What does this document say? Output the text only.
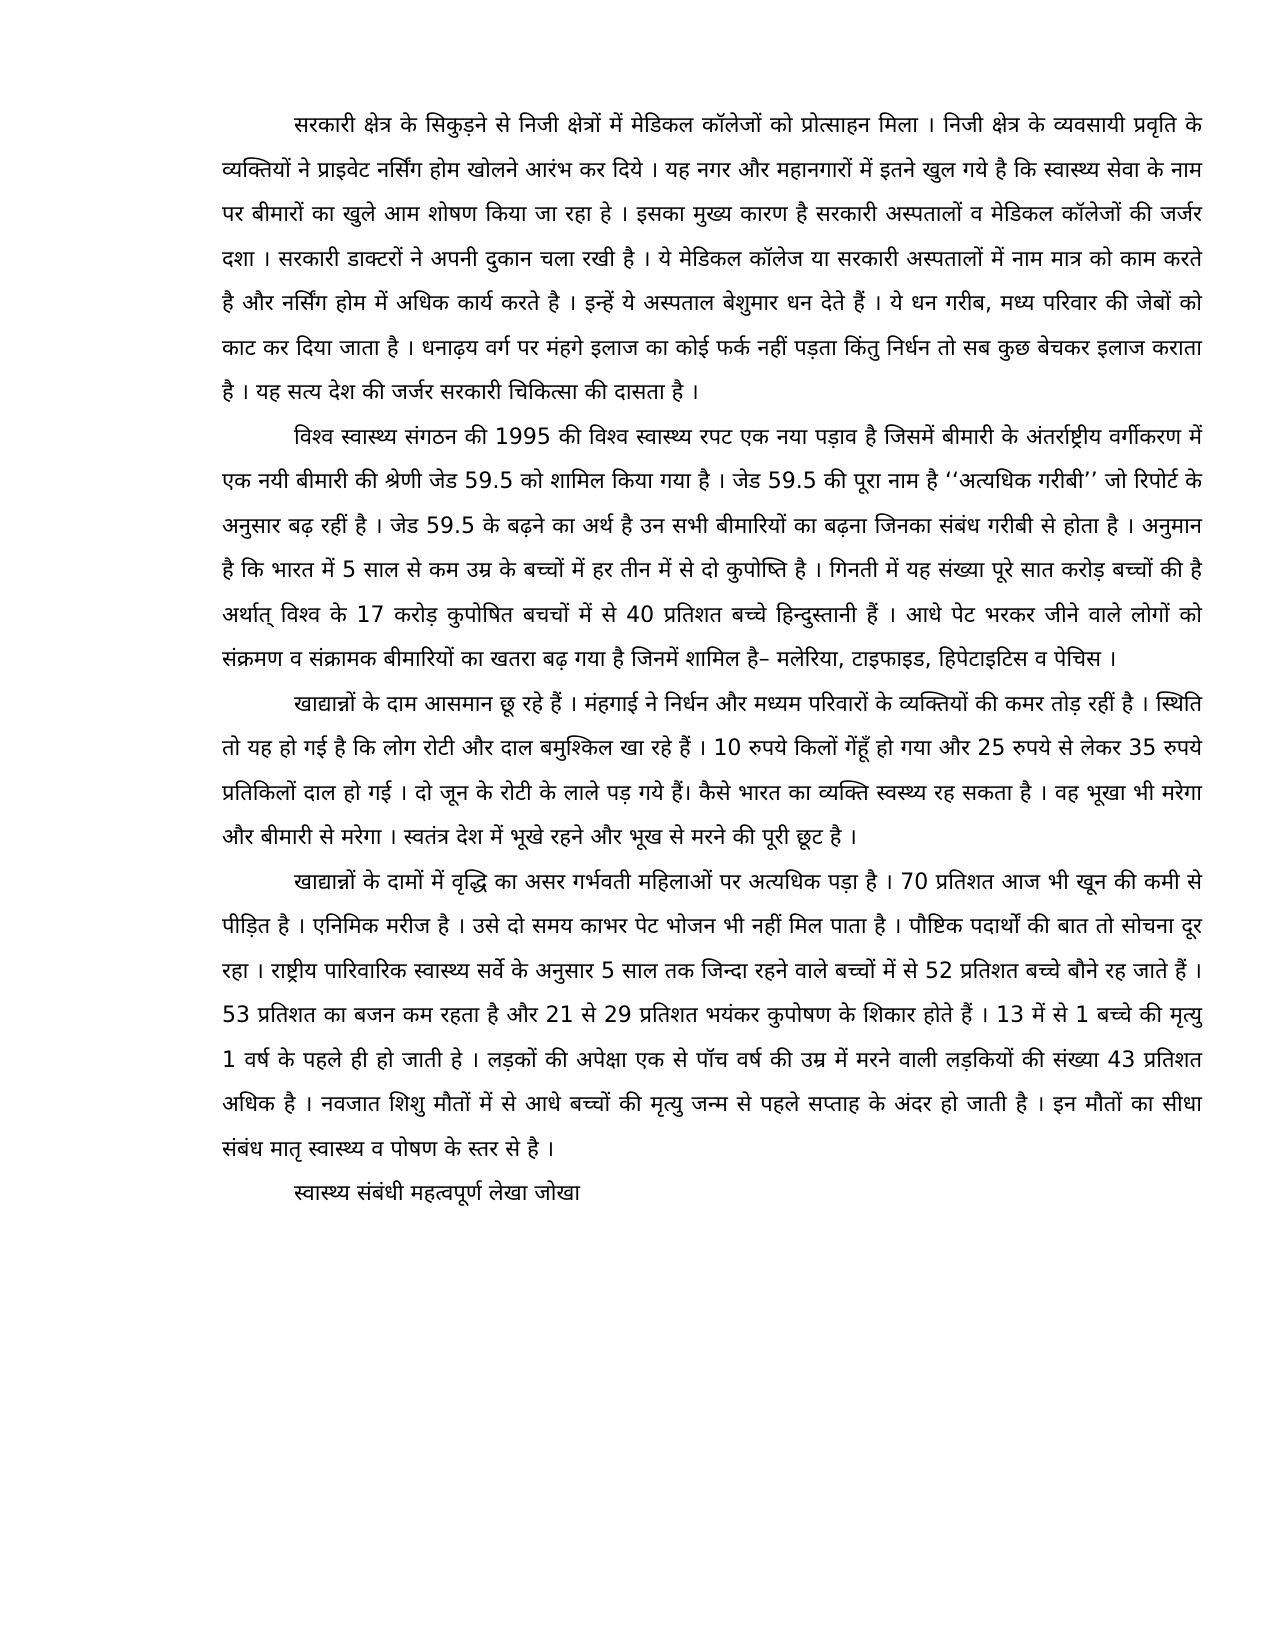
सरकारी क्षेत्र के सिकुड़ने से निजी क्षेत्रों में मेडिकल कॉलेजों को प्रोत्साहन मिला । निजी क्षेत्र के व्यवसायी प्रवृति के व्यक्तियों ने प्राइवेट नर्सिंग होम खोलने आरंभ कर दिये । यह नगर और महानगारों में इतने खुल गये है कि स्वास्थ्य सेवा के नाम पर बीमारों का खुले आम शोषण किया जा रहा हे । इसका मुख्य कारण है सरकारी अस्पतालों व मेडिकल कॉलेजों की जर्जर दशा । सरकारी डाक्टरों ने अपनी दुकान चला रखी है । ये मेडिकल कॉलेज या सरकारी अस्पतालों में नाम मात्र को काम करते है और नर्सिंग होम में अधिक कार्य करते है । इन्हें ये अस्पताल बेशुमार धन देते हैं । ये धन गरीब, मध्य परिवार की जेबों को काट कर दिया जाता है । धनाढ़य वर्ग पर मंहगे इलाज का कोई फर्क नहीं पड़ता किंतु निर्धन तो सब कुछ बेचकर इलाज कराता है । यह सत्य देश की जर्जर सरकारी चिकित्सा की दासता है ।

विश्व स्वास्थ्य संगठन की 1995 की विश्व स्वास्थ्य रपट एक नया पड़ाव है जिसमें बीमारी के अंतर्राष्ट्रीय वर्गीकरण में एक नयी बीमारी की श्रेणी जेड 59.5 को शामिल किया गया है । जेड 59.5 की पूरा नाम है ‘‘अत्यधिक गरीबी’’ जो रिपोर्ट के अनुसार बढ़ रहीं है । जेड 59.5 के बढ़ने का अर्थ है उन सभी बीमारियों का बढ़ना जिनका संबंध गरीबी से होता है । अनुमान है कि भारत में 5 साल से कम उम्र के बच्चों में हर तीन में से दो कुपोष्ति है । गिनती में यह संख्या पूरे सात करोड़ बच्चों की है अर्थात् विश्व के 17 करोड़ कुपोषित बचचों में से 40 प्रतिशत बच्चे हिन्दुस्तानी हैं । आधे पेट भरकर जीने वाले लोगों को संक्रमण व संक्रामक बीमारियों का खतरा बढ़ गया है जिनमें शामिल है– मलेरिया, टाइफाइड, हिपेटाइटिस व पेचिस ।

खाद्यान्नों के दाम आसमान छू रहे हैं । मंहगाई ने निर्धन और मध्यम परिवारों के व्यक्तियों की कमर तोड़ रहीं है । स्थिति तो यह हो गई है कि लोग रोटी और दाल बमुश्किल खा रहे हैं । 10 रुपये किलों गेंहूँ हो गया और 25 रुपये से लेकर 35 रुपये प्रतिकिलों दाल हो गई । दो जून के रोटी के लाले पड़ गये हैं। कैसे भारत का व्यक्ति स्वस्थ्य रह सकता है । वह भूखा भी मरेगा और बीमारी से मरेगा । स्वतंत्र देश में भूखे रहने और भूख से मरने की पूरी छूट है ।

खाद्यान्नों के दामों में वृद्धि का असर गर्भवती महिलाओं पर अत्यधिक पड़ा है । 70 प्रतिशत आज भी खून की कमी से पीड़ित है । एनिमिक मरीज है । उसे दो समय काभर पेट भोजन भी नहीं मिल पाता है । पौष्टिक पदार्थों की बात तो सोचना दूर रहा । राष्ट्रीय पारिवारिक स्वास्थ्य सर्वे के अनुसार 5 साल तक जिन्दा रहने वाले बच्चों में से 52 प्रतिशत बच्चे बौने रह जाते हैं । 53 प्रतिशत का बजन कम रहता है और 21 से 29 प्रतिशत भयंकर कुपोषण के शिकार होते हैं । 13 में से 1 बच्चे की मृत्यु 1 वर्ष के पहले ही हो जाती हे । लड़कों की अपेक्षा एक से पॉच वर्ष की उम्र में मरने वाली लड़कियों की संख्या 43 प्रतिशत अधिक है । नवजात शिशु मौतों में से आधे बच्चों की मृत्यु जन्म से पहले सप्ताह के अंदर हो जाती है । इन मौतों का सीधा संबंध मातृ स्वास्थ्य व पोषण के स्तर से है ।

स्वास्थ्य संबंधी महत्वपूर्ण लेखा जोखा
